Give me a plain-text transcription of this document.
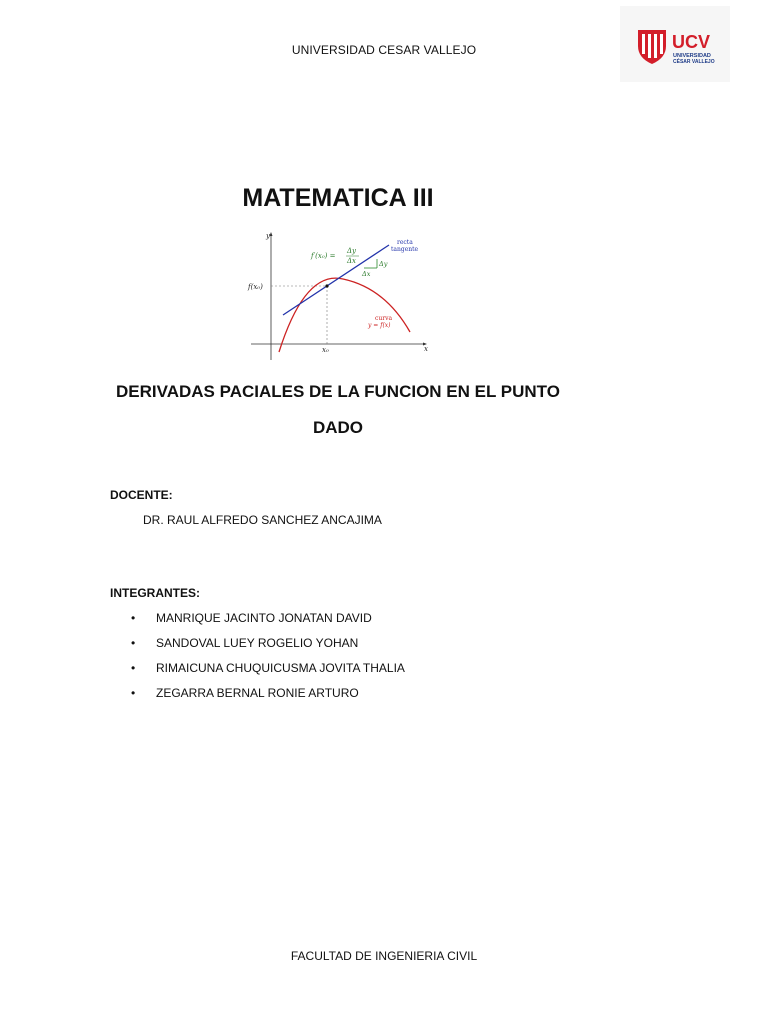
UNIVERSIDAD CESAR VALLEJO	UCV
UNIVERSIDAD
CÉSAR VALLEJO
MATEMATICA III
y
x
f(x₀)
x₀
f′(x₀) =
Δy
Δx	Δy
Δx
recta
tangente
curva
y = f(x)
DERIVADAS PACIALES DE LA FUNCION EN EL PUNTO
DADO
DOCENTE:
DR. RAUL ALFREDO SANCHEZ ANCAJIMA
INTEGRANTES:
•	MANRIQUE JACINTO JONATAN DAVID
•	SANDOVAL LUEY ROGELIO YOHAN
•	RIMAICUNA CHUQUICUSMA JOVITA THALIA
•	ZEGARRA BERNAL RONIE ARTURO
FACULTAD DE INGENIERIA CIVIL
